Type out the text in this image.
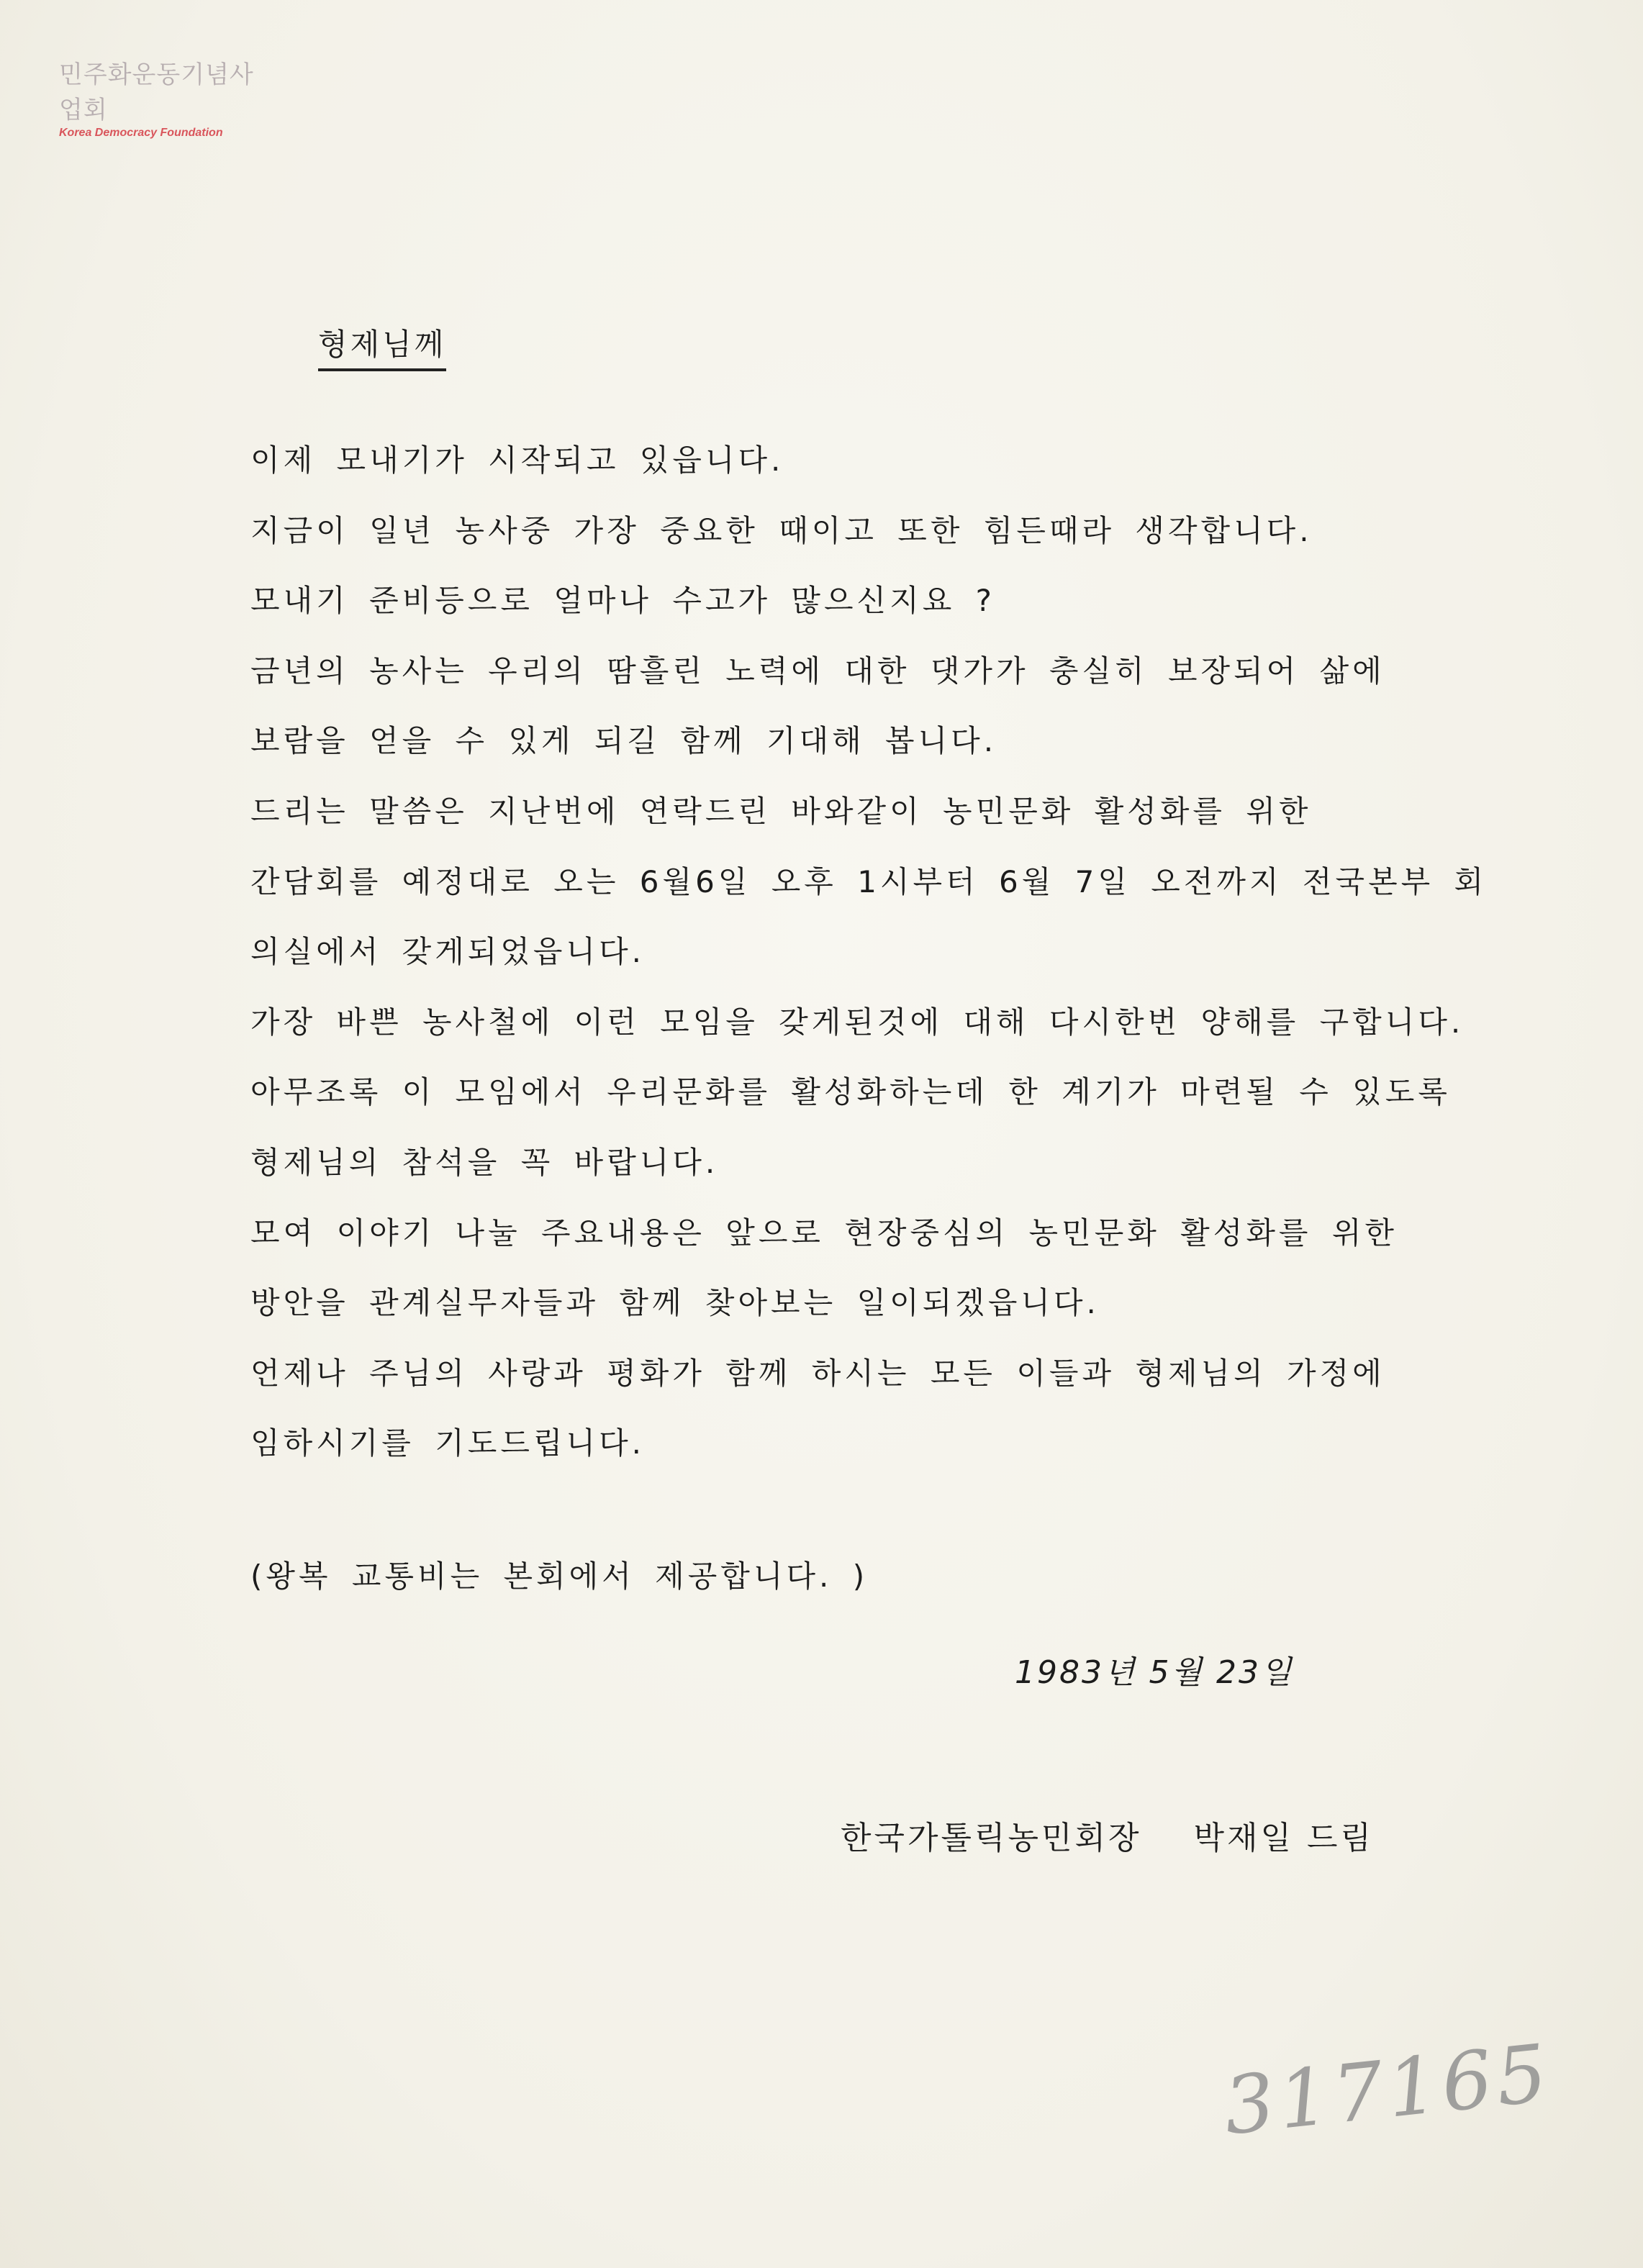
민주화운동기념사업회
Korea Democracy Foundation
형제님께
이제 모내기가 시작되고 있읍니다.
지금이 일년 농사중 가장 중요한 때이고 또한 힘든때라 생각합니다.
모내기 준비등으로 얼마나 수고가 많으신지요 ?
금년의 농사는 우리의 땀흘린 노력에 대한 댓가가 충실히 보장되어 삶에
보람을 얻을 수 있게 되길 함께 기대해 봅니다.
드리는 말씀은 지난번에 연락드린 바와같이 농민문화 활성화를 위한
간담회를 예정대로 오는 6월6일 오후 1시부터 6월 7일 오전까지 전국본부 회
의실에서 갖게되었읍니다.
가장 바쁜 농사철에 이런 모임을 갖게된것에 대해 다시한번 양해를 구합니다.
아무조록 이 모임에서 우리문화를 활성화하는데 한 계기가 마련될 수 있도록
형제님의 참석을 꼭 바랍니다.
모여 이야기 나눌 주요내용은 앞으로 현장중심의 농민문화 활성화를 위한
방안을 관계실무자들과 함께 찾아보는 일이되겠읍니다.
언제나 주님의 사랑과 평화가 함께 하시는 모든 이들과 형제님의 가정에
임하시기를 기도드립니다.
(왕복 교통비는 본회에서 제공합니다. )
1983년 5월 23일
한국가톨릭농민회장 박재일 드림
317165
